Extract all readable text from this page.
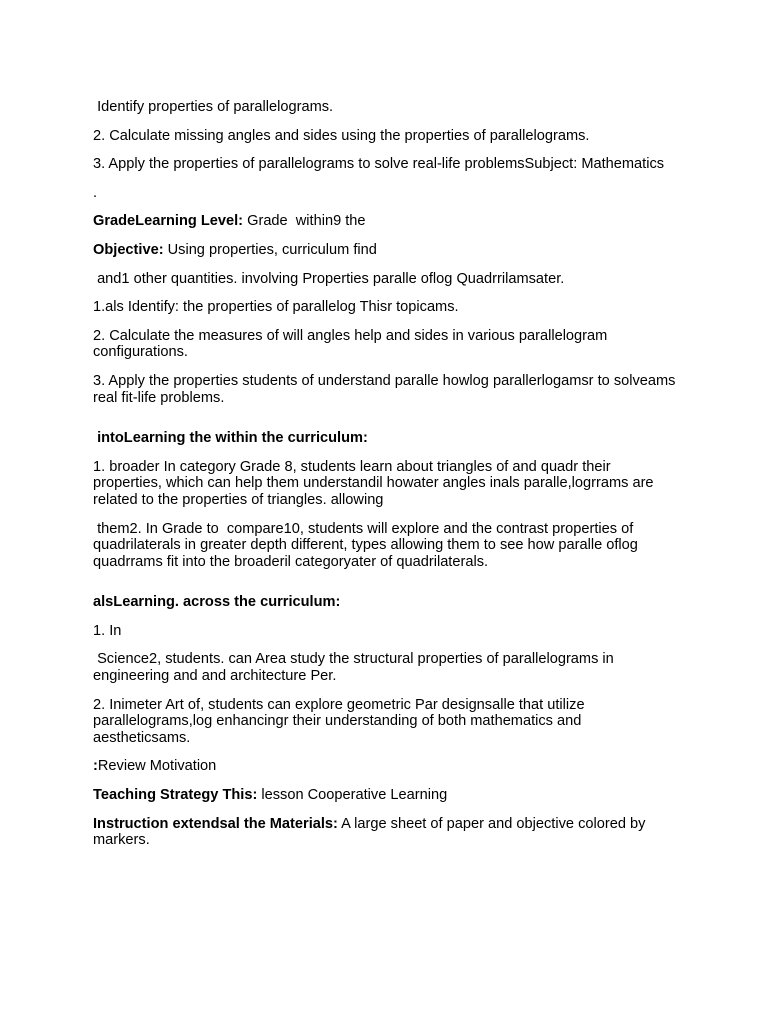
Identify properties of parallelograms.

2. Calculate missing angles and sides using the properties of parallelograms.

3. Apply the properties of parallelograms to solve real-life problemsSubject: Mathematics

.

GradeLearning Level: Grade  within9 the

Objective: Using properties, curriculum find

and1 other quantities. involving Properties paralle oflog Quadrrilamsater.

1.als Identify: the properties of parallelog Thisr topicams.

2. Calculate the measures of will angles help and sides in various parallelogram configurations.

3. Apply the properties students of understand paralle howlog parallerlogamsr to solveams real fit-life problems.

intoLearning the within the curriculum:

1. broader In category Grade 8, students learn about triangles of and quadr their properties, which can help them understandil howater angles inals paralle,logrrams are related to the properties of triangles. allowing

them2. In Grade to  compare10, students will explore and the contrast properties of quadrilaterals in greater depth different, types allowing them to see how paralle oflog quadrrams fit into the broaderil categoryater of quadrilaterals.

alsLearning. across the curriculum:

1. In

Science2, students. can Area study the structural properties of parallelograms in engineering and and architecture Per.

2. Inimeter Art of, students can explore geometric Par designsalle that utilize parallelograms,log enhancingr their understanding of both mathematics and aestheticsams.

:Review Motivation

Teaching Strategy This: lesson Cooperative Learning

Instruction extendsal the Materials: A large sheet of paper and objective colored by markers.
